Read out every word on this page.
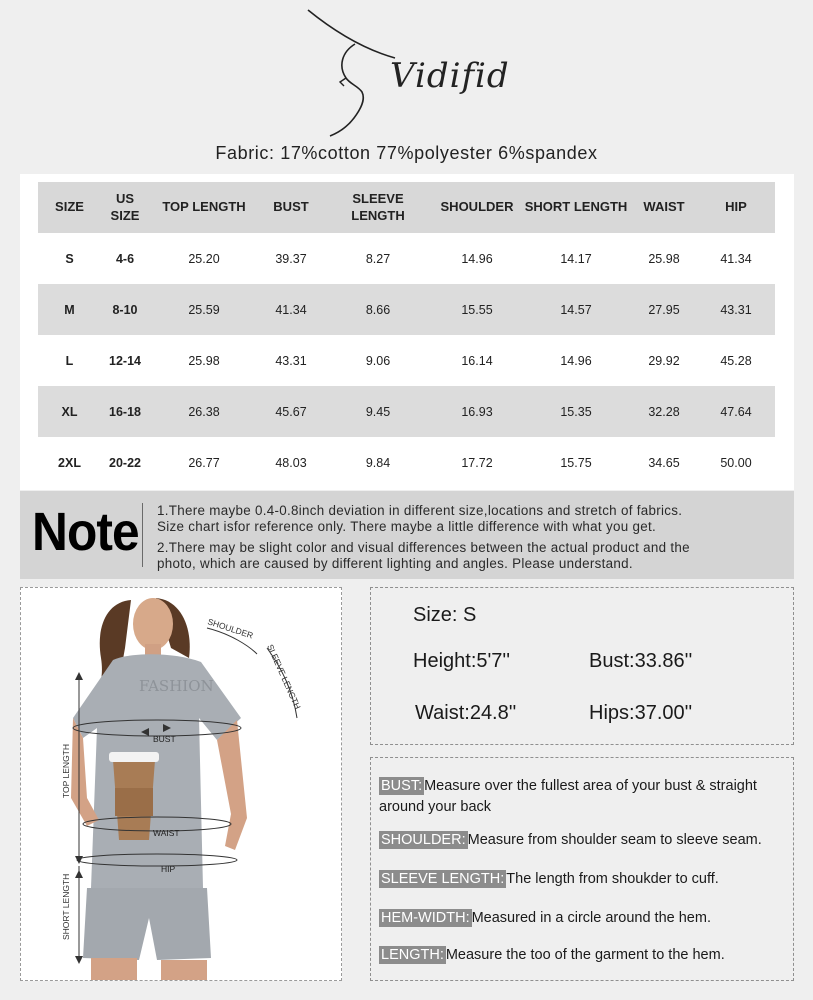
Vidifid
Fabric: 17%cotton 77%polyester 6%spandex
SIZE	US SIZE	TOP LENGTH	BUST	SLEEVE LENGTH	SHOULDER	SHORT LENGTH	WAIST	HIP
S	4-6	25.20	39.37	8.27	14.96	14.17	25.98	41.34
M	8-10	25.59	41.34	8.66	15.55	14.57	27.95	43.31
L	12-14	25.98	43.31	9.06	16.14	14.96	29.92	45.28
XL	16-18	26.38	45.67	9.45	16.93	15.35	32.28	47.64
2XL	20-22	26.77	48.03	9.84	17.72	15.75	34.65	50.00
Note 1.There maybe 0.4-0.8inch deviation in different size,locations and stretch of fabrics.
Size chart isfor reference only. There maybe a little difference with what you get.

2.There may be slight color and visual differences between the actual product and the
photo, which are caused by different lighting and angles. Please understand.

FASHION
TOP LENGTH
SHORT LENGTH
SHOULDER
SLEEVE LENGTH
BUST
WAIST
HIP
Size: S
Height:5'7''	Bust:33.86''
Waist:24.8''	Hips:37.00''
BUST: Measure over the fullest area of your bust & straight around your back
SHOULDER: Measure from shoulder seam to sleeve seam.
SLEEVE LENGTH: The length from shoukder to cuff.
HEM-WIDTH: Measured in a circle around the hem.
LENGTH: Measure the too of the garment to the hem.
